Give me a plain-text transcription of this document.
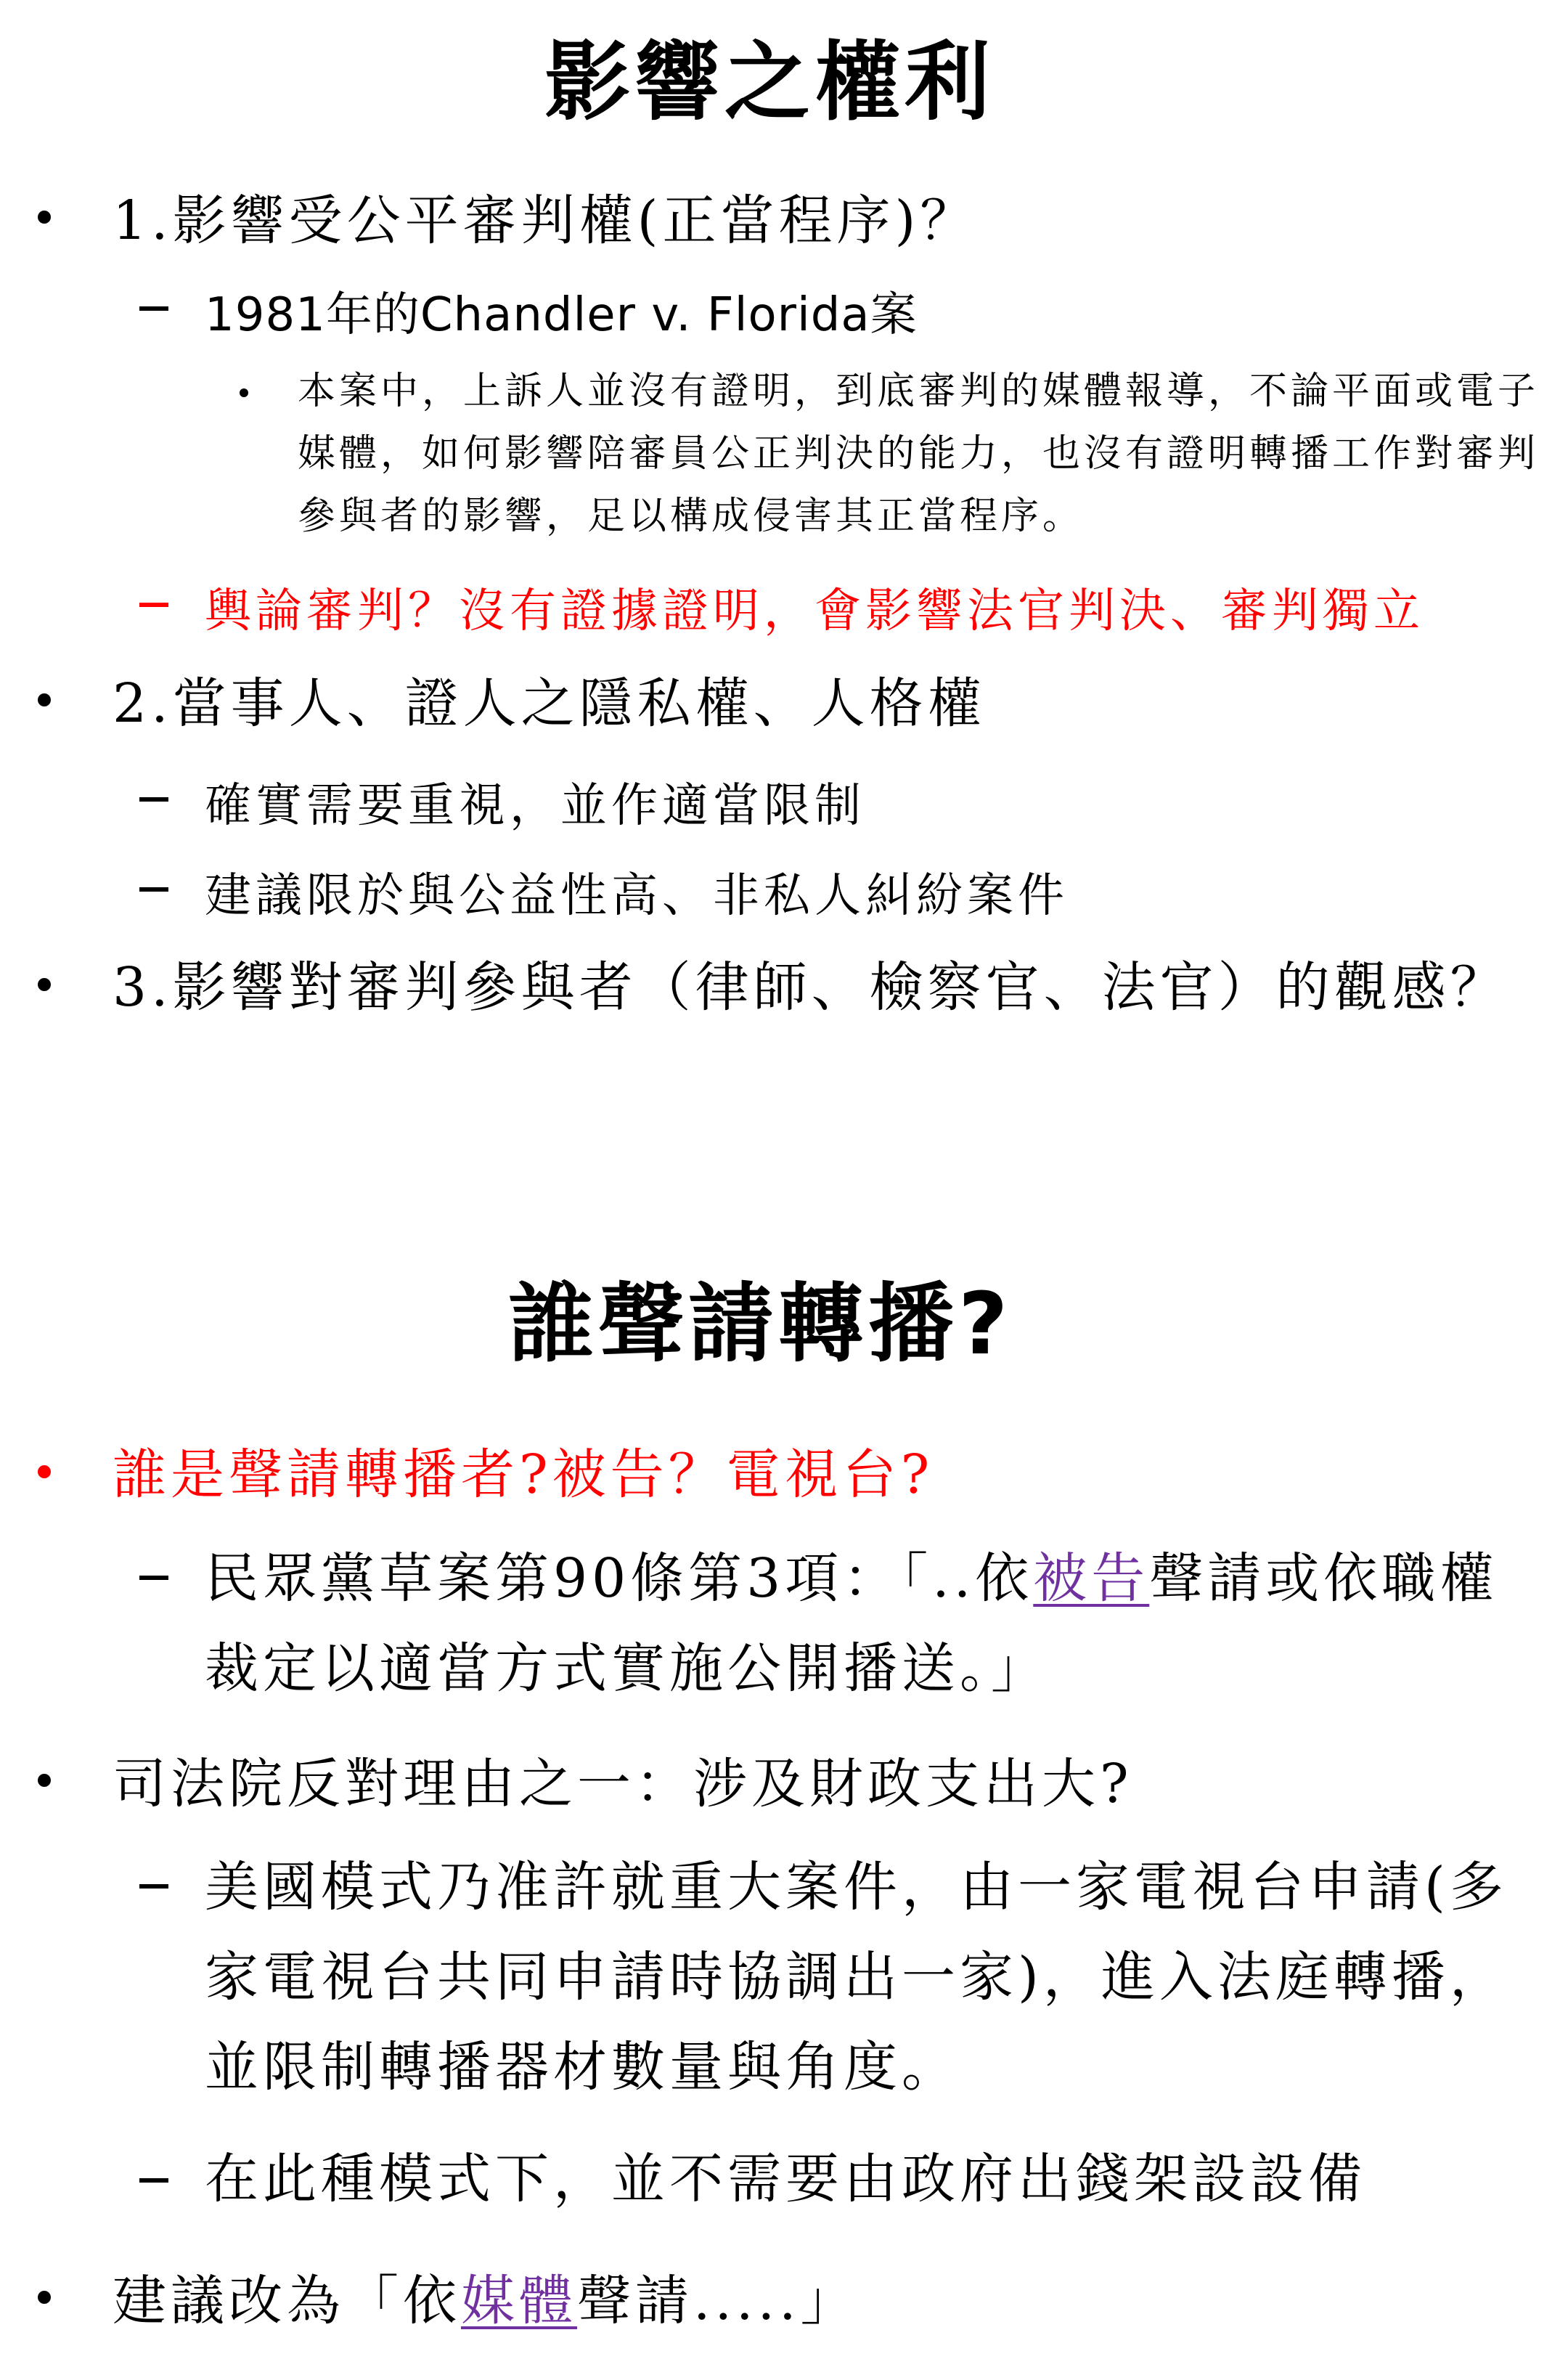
影響之權利
1.影響受公平審判權(正當程序)？
1981年的Chandler v. Florida案
本案中，上訴人並沒有證明，到底審判的媒體報導，不論平面或電子媒體，如何影響陪審員公正判決的能力，也沒有證明轉播工作對審判參與者的影響，足以構成侵害其正當程序。
輿論審判？沒有證據證明，會影響法官判決、審判獨立
2.當事人、證人之隱私權、人格權
確實需要重視，並作適當限制
建議限於與公益性高、非私人糾紛案件
3.影響對審判參與者（律師、檢察官、法官）的觀感？
誰聲請轉播?
誰是聲請轉播者?被告？電視台?
民眾黨草案第90條第3項：「..依被告聲請或依職權裁定以適當方式實施公開播送。」
司法院反對理由之一：涉及財政支出大?
美國模式乃准許就重大案件，由一家電視台申請(多家電視台共同申請時協調出一家)，進入法庭轉播，並限制轉播器材數量與角度。
在此種模式下，並不需要由政府出錢架設設備
建議改為「依媒體聲請.....」
